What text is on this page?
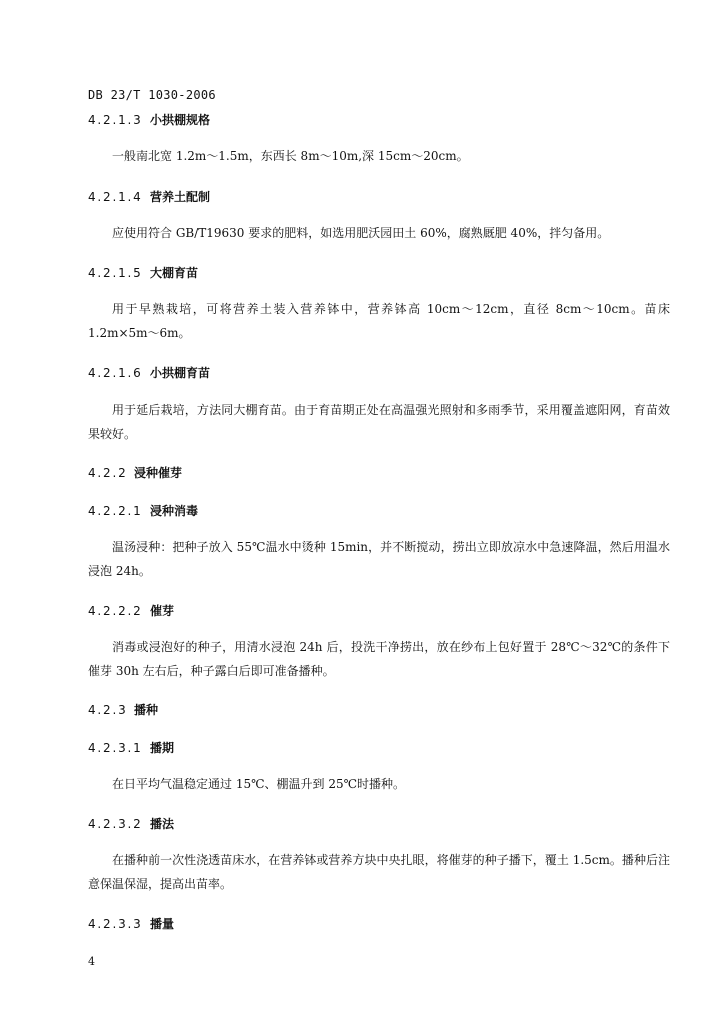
DB 23/T 1030-2006
4.2.1.3 小拱棚规格
一般南北宽 1.2m～1.5m，东西长 8m～10m,深 15cm～20cm。
4.2.1.4 营养土配制
应使用符合 GB/T19630 要求的肥料，如选用肥沃园田土 60%，腐熟厩肥 40%，拌匀备用。
4.2.1.5 大棚育苗
用于早熟栽培，可将营养土装入营养钵中，营养钵高 10cm～12cm，直径 8cm～10cm。苗床 1.2m×5m～6m。
4.2.1.6 小拱棚育苗
用于延后栽培，方法同大棚育苗。由于育苗期正处在高温强光照射和多雨季节，采用覆盖遮阳网，育苗效果较好。
4.2.2 浸种催芽
4.2.2.1 浸种消毒
温汤浸种：把种子放入 55℃温水中烫种 15min，并不断搅动，捞出立即放凉水中急速降温，然后用温水浸泡 24h。
4.2.2.2 催芽
消毒或浸泡好的种子，用清水浸泡 24h 后，投洗干净捞出，放在纱布上包好置于 28℃～32℃的条件下催芽 30h 左右后，种子露白后即可准备播种。
4.2.3 播种
4.2.3.1 播期
在日平均气温稳定通过 15℃、棚温升到 25℃时播种。
4.2.3.2 播法
在播种前一次性浇透苗床水，在营养钵或营养方块中央扎眼，将催芽的种子播下，覆土 1.5cm。播种后注意保温保湿，提高出苗率。
4.2.3.3 播量
4
